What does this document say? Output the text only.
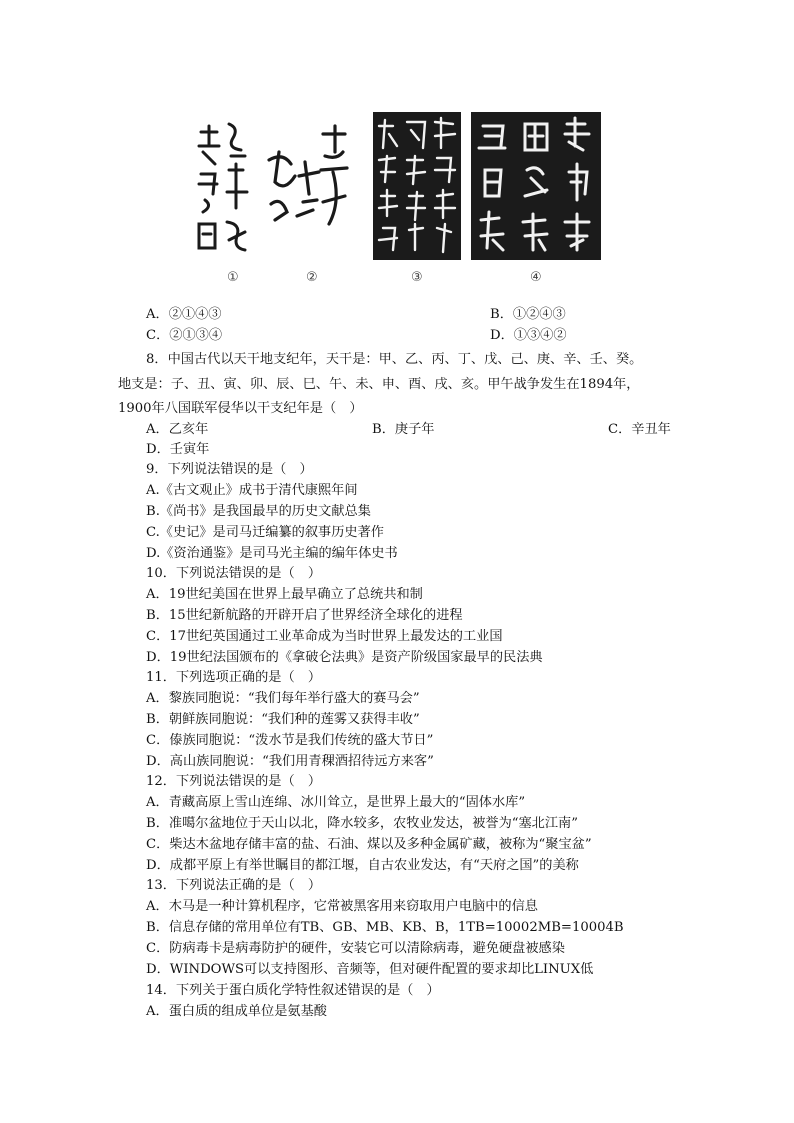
①	②	③	④
A．②①④③	B．①②④③
C．②①③④	D．①③④②
8．中国古代以天干地支纪年，天干是：甲、乙、丙、丁、戊、己、庚、辛、壬、癸。
地支是：子、丑、寅、卯、辰、巳、午、未、申、酉、戌、亥。甲午战争发生在1894年，
1900年八国联军侵华以干支纪年是（　）
A．乙亥年	B．庚子年	C．辛丑年
D．壬寅年
9．下列说法错误的是（　）
A.《古文观止》成书于清代康熙年间
B.《尚书》是我国最早的历史文献总集
C.《史记》是司马迁编纂的叙事历史著作
D.《资治通鉴》是司马光主编的编年体史书
10．下列说法错误的是（　）
A．19世纪美国在世界上最早确立了总统共和制
B．15世纪新航路的开辟开启了世界经济全球化的进程
C．17世纪英国通过工业革命成为当时世界上最发达的工业国
D．19世纪法国颁布的《拿破仑法典》是资产阶级国家最早的民法典
11．下列选项正确的是（　）
A．黎族同胞说：“我们每年举行盛大的赛马会”
B．朝鲜族同胞说：“我们种的莲雾又获得丰收”
C．傣族同胞说：“泼水节是我们传统的盛大节日”
D．高山族同胞说：“我们用青稞酒招待远方来客”
12．下列说法错误的是（　）
A．青藏高原上雪山连绵、冰川耸立，是世界上最大的“固体水库”
B．准噶尔盆地位于天山以北，降水较多，农牧业发达，被誉为“塞北江南”
C．柴达木盆地存储丰富的盐、石油、煤以及多种金属矿藏，被称为“聚宝盆”
D．成都平原上有举世瞩目的都江堰，自古农业发达，有“天府之国”的美称
13．下列说法正确的是（　）
A．木马是一种计算机程序，它常被黑客用来窃取用户电脑中的信息
B．信息存储的常用单位有TB、GB、MB、KB、B，1TB=10002MB=10004B
C．防病毒卡是病毒防护的硬件，安装它可以清除病毒，避免硬盘被感染
D．WINDOWS可以支持图形、音频等，但对硬件配置的要求却比LINUX低
14．下列关于蛋白质化学特性叙述错误的是（　）
A．蛋白质的组成单位是氨基酸
